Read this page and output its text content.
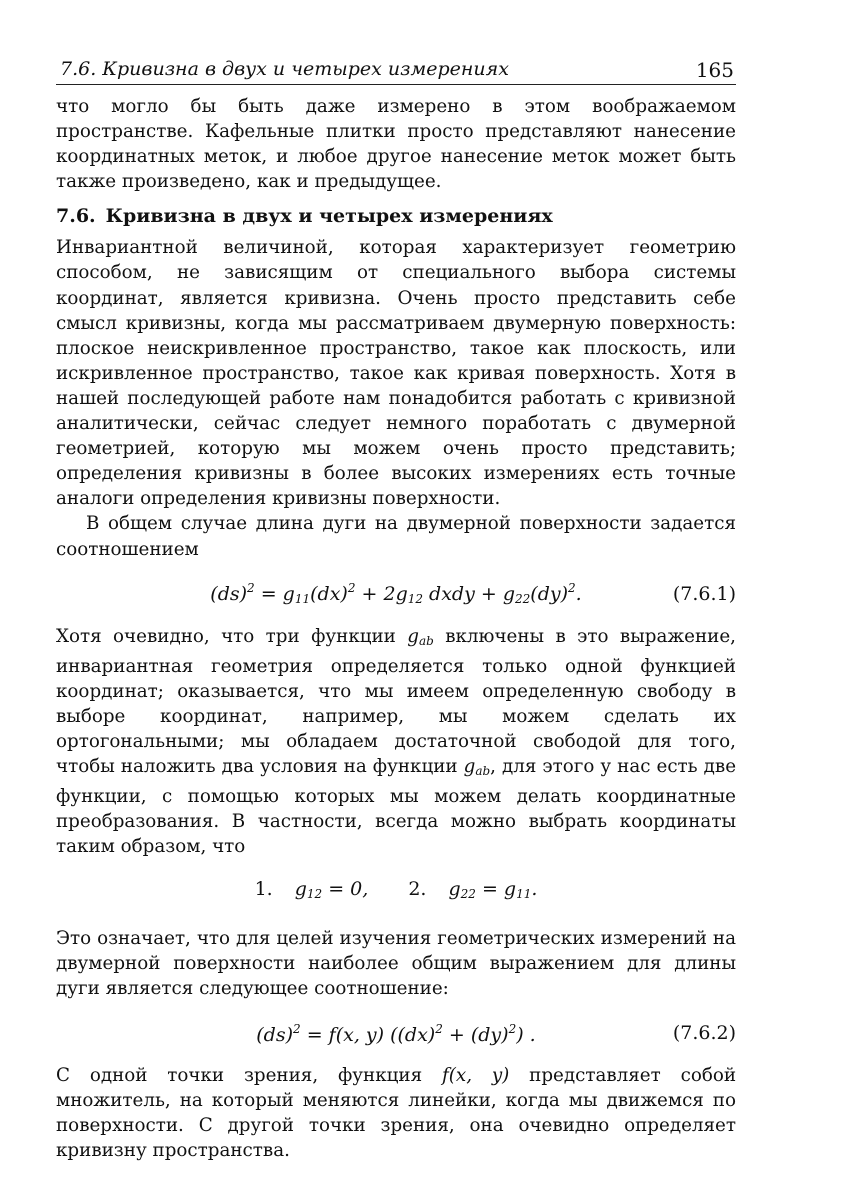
7.6. Кривизна в двух и четырех измерениях	165

что могло бы быть даже измерено в этом воображаемом пространстве. Кафельные плитки просто представляют нанесение координатных меток, и любое другое нанесение меток может быть также произведено, как и предыдущее.

7.6. Кривизна в двух и четырех измерениях

Инвариантной величиной, которая характеризует геометрию способом, не зависящим от специального выбора системы координат, является кривизна. Очень просто представить себе смысл кривизны, когда мы рассматриваем двумерную поверхность: плоское неискривленное пространство, такое как плоскость, или искривленное пространство, такое как кривая поверхность. Хотя в нашей последующей работе нам понадобится работать с кривизной аналитически, сейчас следует немного поработать с двумерной геометрией, которую мы можем очень просто представить; определения кривизны в более высоких измерениях есть точные аналоги определения кривизны поверхности.

В общем случае длина дуги на двумерной поверхности задается соотношением

$(ds)^2 = g_{11}(dx)^2 + 2g_{12}$ dxdy + $g_{22}(dy)^2$.	(7.6.1)

Хотя очевидно, что три функции $g_{ab}$ включены в это выражение, инвариантная геометрия определяется только одной функцией координат; оказывается, что мы имеем определенную свободу в выборе координат, например, мы можем сделать их ортогональными; мы обладаем достаточной свободой для того, чтобы наложить два условия на функции $g_{ab}$, для этого у нас есть две функции, с помощью которых мы можем делать координатные преобразования. В частности, всегда можно выбрать координаты таким образом, что

1. $g_{12} = 0$, 2. $g_{22} = g_{11}$.

Это означает, что для целей изучения геометрических измерений на двумерной поверхности наиболее общим выражением для длины дуги является следующее соотношение:

(ds)$^2$ = f(x, y) ((dx)$^2$ + (dy)$^2$) .	(7.6.2)

С одной точки зрения, функция f(x, y) представляет собой множитель, на который меняются линейки, когда мы движемся по поверхности. С другой точки зрения, она очевидно определяет кривизну пространства.
